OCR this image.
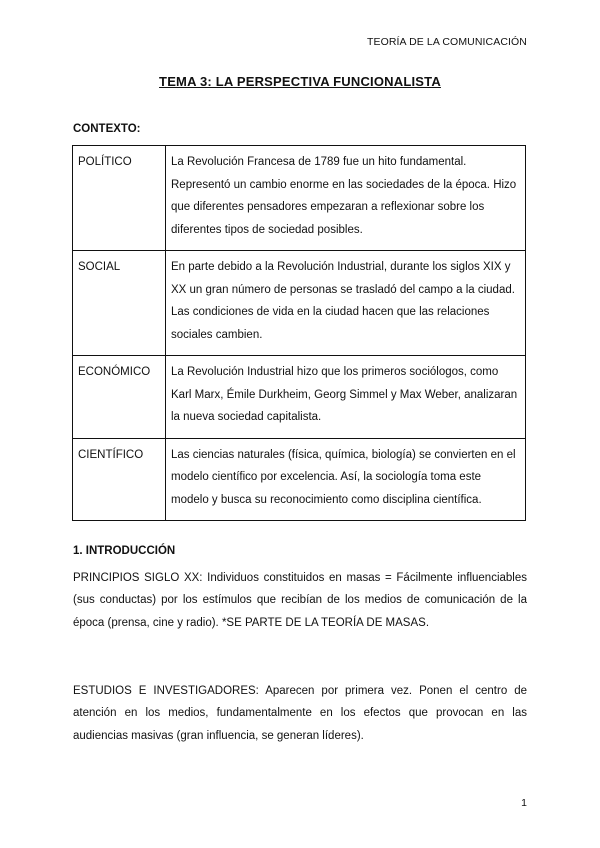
TEORÍA DE LA COMUNICACIÓN
TEMA 3: LA PERSPECTIVA FUNCIONALISTA
CONTEXTO:
POLÍTICO	La Revolución Francesa de 1789 fue un hito fundamental. Representó un cambio enorme en las sociedades de la época. Hizo que diferentes pensadores empezaran a reflexionar sobre los diferentes tipos de sociedad posibles.
SOCIAL	En parte debido a la Revolución Industrial, durante los siglos XIX y XX un gran número de personas se trasladó del campo a la ciudad. Las condiciones de vida en la ciudad hacen que las relaciones sociales cambien.
ECONÓMICO	La Revolución Industrial hizo que los primeros sociólogos, como Karl Marx, Émile Durkheim, Georg Simmel y Max Weber, analizaran la nueva sociedad capitalista.
CIENTÍFICO	Las ciencias naturales (física, química, biología) se convierten en el modelo científico por excelencia. Así, la sociología toma este modelo y busca su reconocimiento como disciplina científica.
1. INTRODUCCIÓN
PRINCIPIOS SIGLO XX: Individuos constituidos en masas = Fácilmente influenciables (sus conductas) por los estímulos que recibían de los medios de comunicación de la época (prensa, cine y radio). *SE PARTE DE LA TEORÍA DE MASAS.
ESTUDIOS E INVESTIGADORES: Aparecen por primera vez. Ponen el centro de atención en los medios, fundamentalmente en los efectos que provocan en las audiencias masivas (gran influencia, se generan líderes).
1
